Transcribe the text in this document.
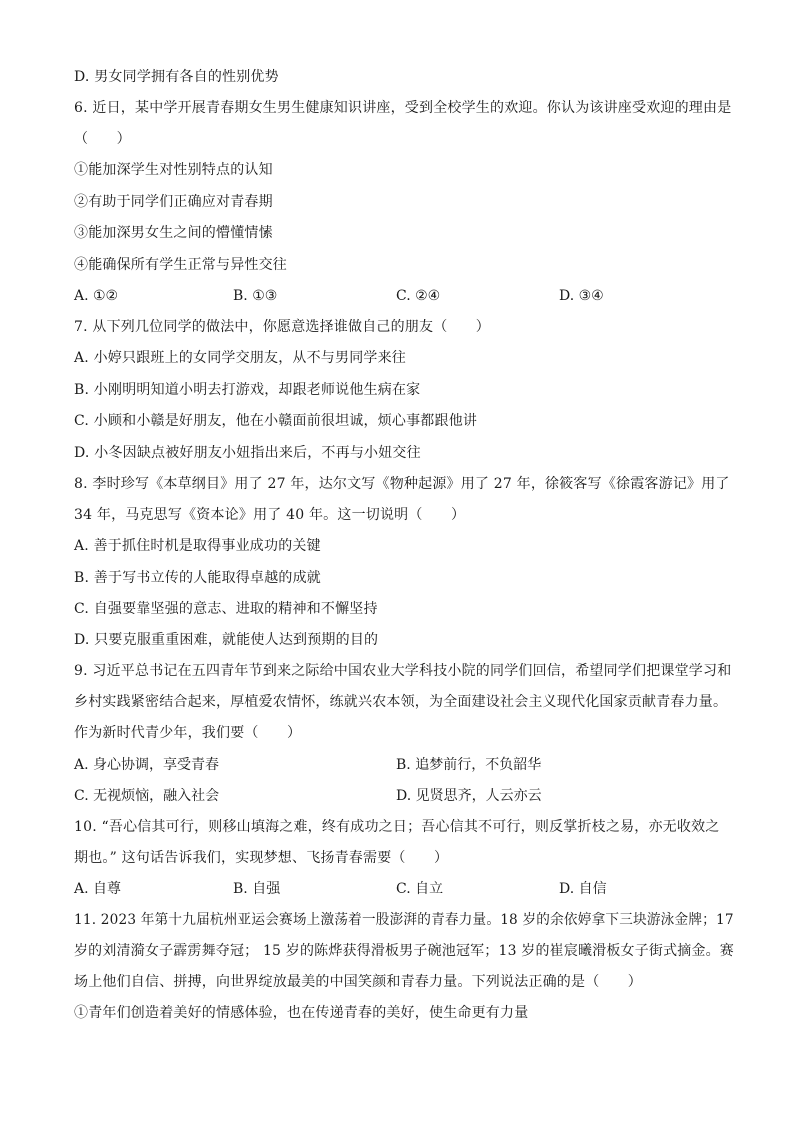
D. 男女同学拥有各自的性别优势
6. 近日，某中学开展青春期女生男生健康知识讲座，受到全校学生的欢迎。你认为该讲座受欢迎的理由是
（　　）
①能加深学生对性别特点的认知
②有助于同学们正确应对青春期
③能加深男女生之间的懵懂情愫
④能确保所有学生正常与异性交往
A. ①②	B. ①③	C. ②④	D. ③④
7. 从下列几位同学的做法中，你愿意选择谁做自己的朋友（　　）
A. 小婷只跟班上的女同学交朋友，从不与男同学来往
B. 小刚明明知道小明去打游戏，却跟老师说他生病在家
C. 小顾和小赣是好朋友，他在小赣面前很坦诚，烦心事都跟他讲
D. 小冬因缺点被好朋友小妞指出来后，不再与小妞交往
8. 李时珍写《本草纲目》用了 27 年，达尔文写《物种起源》用了 27 年，徐筱客写《徐霞客游记》用了
34 年，马克思写《资本论》用了 40 年。这一切说明（　　）
A. 善于抓住时机是取得事业成功的关键
B. 善于写书立传的人能取得卓越的成就
C. 自强要靠坚强的意志、进取的精神和不懈坚持
D. 只要克服重重困难，就能使人达到预期的目的
9. 习近平总书记在五四青年节到来之际给中国农业大学科技小院的同学们回信，希望同学们把课堂学习和
乡村实践紧密结合起来，厚植爱农情怀，练就兴农本领，为全面建设社会主义现代化国家贡献青春力量。
作为新时代青少年，我们要（　　）
A. 身心协调，享受青春	B. 追梦前行，不负韶华
C. 无视烦恼，融入社会	D. 见贤思齐，人云亦云
10. “吾心信其可行，则移山填海之难，终有成功之日；吾心信其不可行，则反掌折枝之易，亦无收效之
期也。” 这句话告诉我们，实现梦想、飞扬青春需要（　　）
A. 自尊	B. 自强	C. 自立	D. 自信
11. 2023 年第十九届杭州亚运会赛场上激荡着一股澎湃的青春力量。18 岁的余依婷拿下三块游泳金牌；17
岁的刘清漪女子霹雳舞夺冠； 15 岁的陈烨获得滑板男子碗池冠军；13 岁的崔宸曦滑板女子街式摘金。赛
场上他们自信、拼搏，向世界绽放最美的中国笑颜和青春力量。下列说法正确的是（　　）
①青年们创造着美好的情感体验，也在传递青春的美好，使生命更有力量
